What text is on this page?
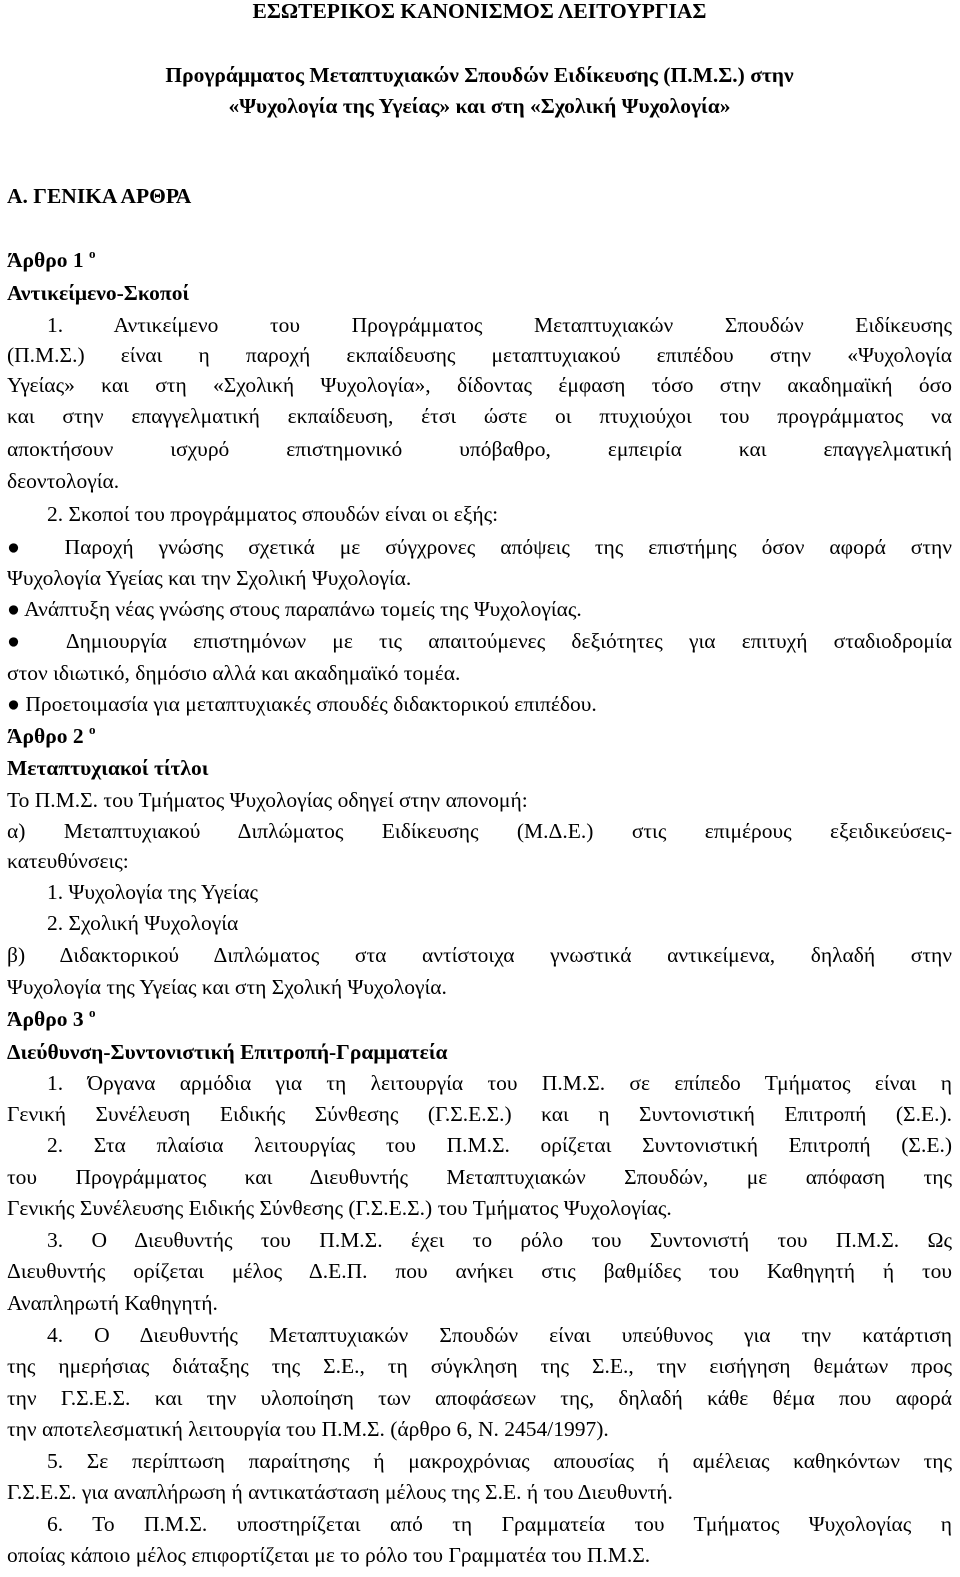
ΕΣΩΤΕΡΙΚΟΣ ΚΑΝΟΝΙΣΜΟΣ ΛΕΙΤΟΥΡΓΙΑΣ
Προγράμματος Μεταπτυχιακών Σπουδών Ειδίκευσης (Π.Μ.Σ.) στην
«Ψυχολογία της Υγείας» και στη «Σχολική Ψυχολογία»
Α. ΓΕΝΙΚΑ ΑΡΘΡΑ
Άρθρο 1 $^o$
Αντικείμενο-Σκοποί
1. Αντικείμενο του Προγράμματος Μεταπτυχιακών Σπουδών Ειδίκευσης
(Π.Μ.Σ.) είναι η παροχή εκπαίδευσης μεταπτυχιακού επιπέδου στην «Ψυχολογία
Υγείας» και στη «Σχολική Ψυχολογία», δίδοντας έμφαση τόσο στην ακαδημαϊκή όσο
και στην επαγγελματική εκπαίδευση, έτσι ώστε οι πτυχιούχοι του προγράμματος να
αποκτήσουν ισχυρό επιστημονικό υπόβαθρο, εμπειρία και επαγγελματική
δεοντολογία.
2. Σκοποί του προγράμματος σπουδών είναι οι εξής:
● Παροχή γνώσης σχετικά με σύγχρονες απόψεις της επιστήμης όσον αφορά στην
Ψυχολογία Υγείας και την Σχολική Ψυχολογία.
● Ανάπτυξη νέας γνώσης στους παραπάνω τομείς της Ψυχολογίας.
● Δημιουργία επιστημόνων με τις απαιτούμενες δεξιότητες για επιτυχή σταδιοδρομία
στον ιδιωτικό, δημόσιο αλλά και ακαδημαϊκό τομέα.
● Προετοιμασία για μεταπτυχιακές σπουδές διδακτορικού επιπέδου.
Άρθρο 2 $^o$
Μεταπτυχιακοί τίτλοι
Το Π.Μ.Σ. του Τμήματος Ψυχολογίας οδηγεί στην απονομή:
α) Μεταπτυχιακού Διπλώματος Ειδίκευσης (Μ.Δ.Ε.) στις επιμέρους εξειδικεύσεις-
κατευθύνσεις:
1. Ψυχολογία της Υγείας
2. Σχολική Ψυχολογία
β) Διδακτορικού Διπλώματος στα αντίστοιχα γνωστικά αντικείμενα, δηλαδή στην
Ψυχολογία της Υγείας και στη Σχολική Ψυχολογία.
Άρθρο 3 $^o$
Διεύθυνση-Συντονιστική Επιτροπή-Γραμματεία
1. Όργανα αρμόδια για τη λειτουργία του Π.Μ.Σ. σε επίπεδο Τμήματος είναι η
Γενική Συνέλευση Ειδικής Σύνθεσης (Γ.Σ.Ε.Σ.) και η Συντονιστική Επιτροπή (Σ.Ε.).
2. Στα πλαίσια λειτουργίας του Π.Μ.Σ. ορίζεται Συντονιστική Επιτροπή (Σ.Ε.)
του Προγράμματος και Διευθυντής Μεταπτυχιακών Σπουδών, με απόφαση της
Γενικής Συνέλευσης Ειδικής Σύνθεσης (Γ.Σ.Ε.Σ.) του Τμήματος Ψυχολογίας.
3. Ο Διευθυντής του Π.Μ.Σ. έχει το ρόλο του Συντονιστή του Π.Μ.Σ. Ως
Διευθυντής ορίζεται μέλος Δ.Ε.Π. που ανήκει στις βαθμίδες του Καθηγητή ή του
Αναπληρωτή Καθηγητή.
4. Ο Διευθυντής Μεταπτυχιακών Σπουδών είναι υπεύθυνος για την κατάρτιση
της ημερήσιας διάταξης της Σ.Ε., τη σύγκληση της Σ.Ε., την εισήγηση θεμάτων προς
την Γ.Σ.Ε.Σ. και την υλοποίηση των αποφάσεων της, δηλαδή κάθε θέμα που αφορά
την αποτελεσματική λειτουργία του Π.Μ.Σ. (άρθρο 6, Ν. 2454/1997).
5. Σε περίπτωση παραίτησης ή μακροχρόνιας απουσίας ή αμέλειας καθηκόντων της
Γ.Σ.Ε.Σ. για αναπλήρωση ή αντικατάσταση μέλους της Σ.Ε. ή του Διευθυντή.
6. Το Π.Μ.Σ. υποστηρίζεται από τη Γραμματεία του Τμήματος Ψυχολογίας η
οποίας κάποιο μέλος επιφορτίζεται με το ρόλο του Γραμματέα του Π.Μ.Σ.
